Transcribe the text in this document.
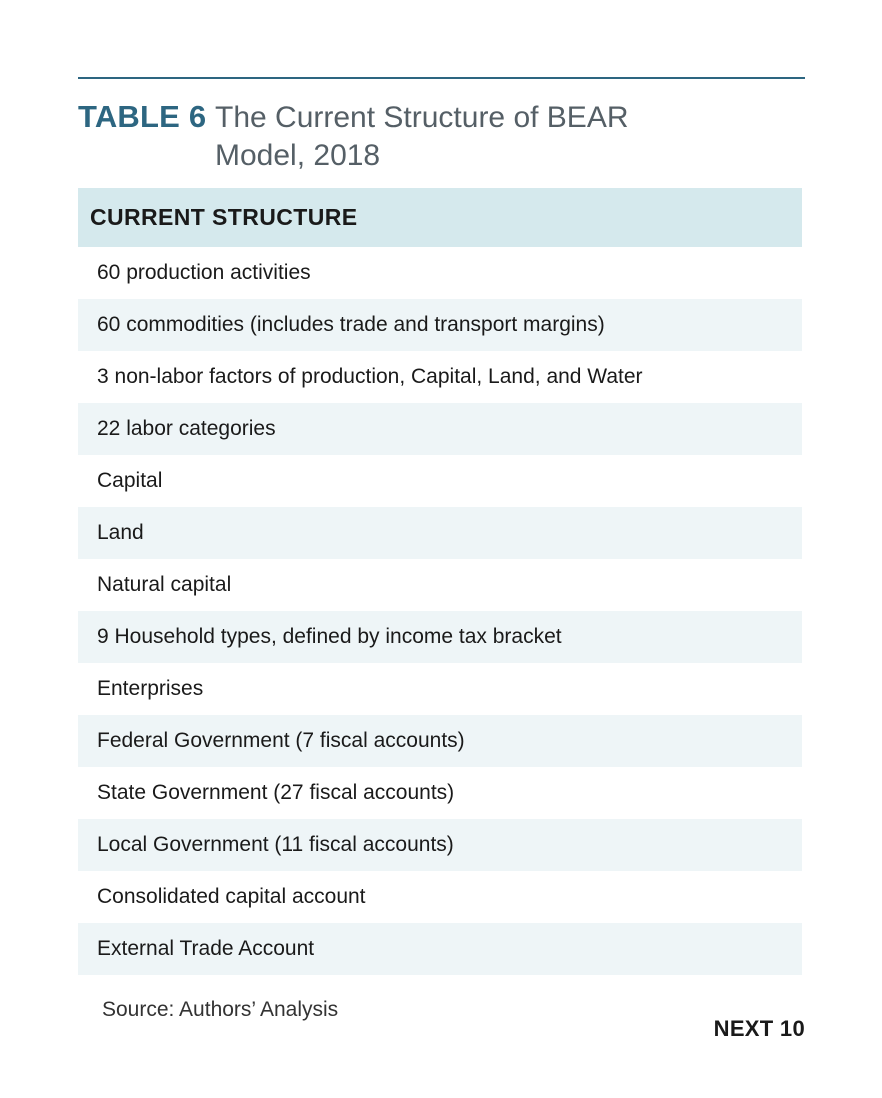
TABLE 6 The Current Structure of BEAR Model, 2018
CURRENT STRUCTURE
60 production activities
60 commodities (includes trade and transport margins)
3 non-labor factors of production, Capital, Land, and Water
22 labor categories
Capital
Land
Natural capital
9 Household types, defined by income tax bracket
Enterprises
Federal Government (7 fiscal accounts)
State Government (27 fiscal accounts)
Local Government (11 fiscal accounts)
Consolidated capital account
External Trade Account
Source: Authors’ Analysis
NEXT 10
